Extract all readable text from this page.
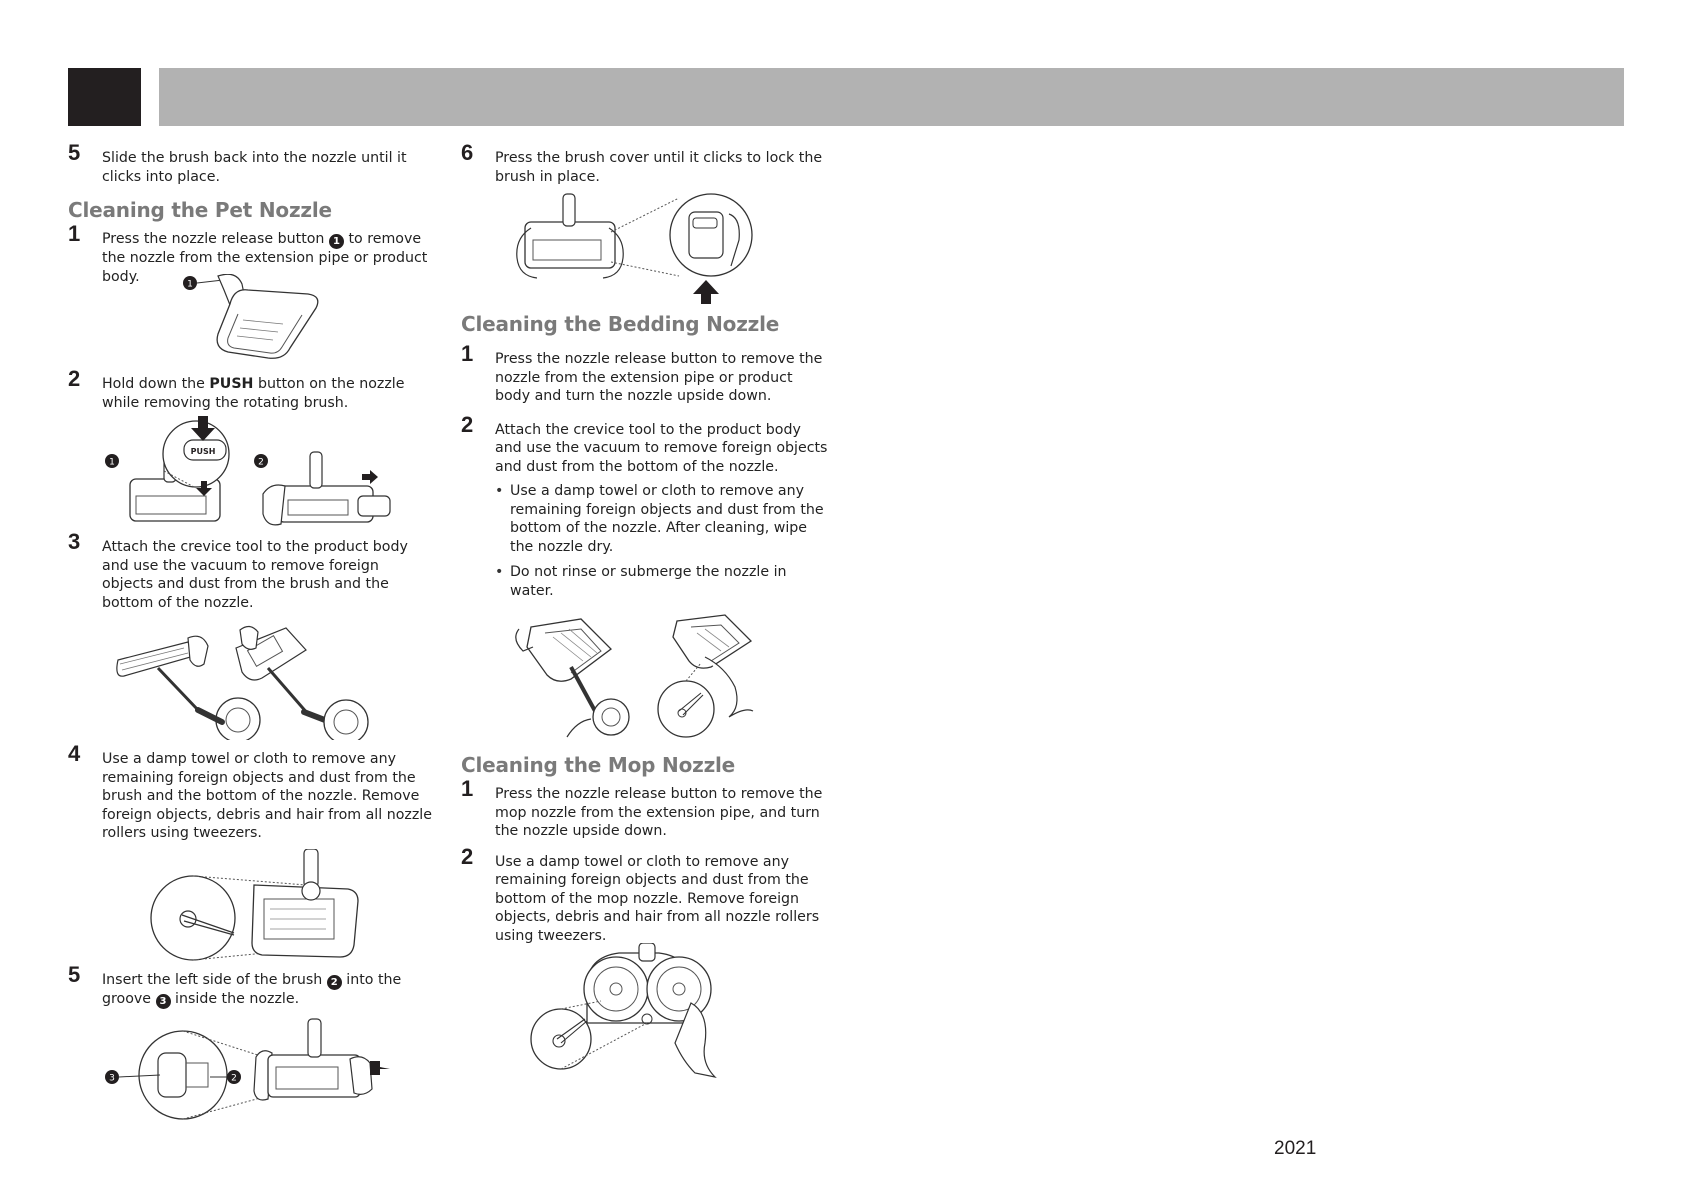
5 Slide the brush back into the nozzle until it clicks into place.

Cleaning the Pet Nozzle
1 Press the nozzle release button 1 to remove the nozzle from the extension pipe or product body.	1
2 Hold down the PUSH button on the nozzle while removing the rotating brush.

1	2
PUSH
3 Attach the crevice tool to the product body and use the vacuum to remove foreign objects and dust from the brush and the bottom of the nozzle.

4 Use a damp towel or cloth to remove any remaining foreign objects and dust from the brush and the bottom of the nozzle. Remove foreign objects, debris and hair from all nozzle rollers using tweezers.

5 Insert the left side of the brush 2 into the groove 3 inside the nozzle.

3	2
6 Press the brush cover until it clicks to lock the brush in place.

Cleaning the Bedding Nozzle
1 Press the nozzle release button to remove the nozzle from the extension pipe or product body and turn the nozzle upside down.

2 Attach the crevice tool to the product body and use the vacuum to remove foreign objects and dust from the bottom of the nozzle.

• Use a damp towel or cloth to remove any remaining foreign objects and dust from the bottom of the nozzle. After cleaning, wipe the nozzle dry.
• Do not rinse or submerge the nozzle in water.
Cleaning the Mop Nozzle
1 Press the nozzle release button to remove the mop nozzle from the extension pipe, and turn the nozzle upside down.

2 Use a damp towel or cloth to remove any remaining foreign objects and dust from the bottom of the mop nozzle. Remove foreign objects, debris and hair from all nozzle rollers using tweezers.

2021
